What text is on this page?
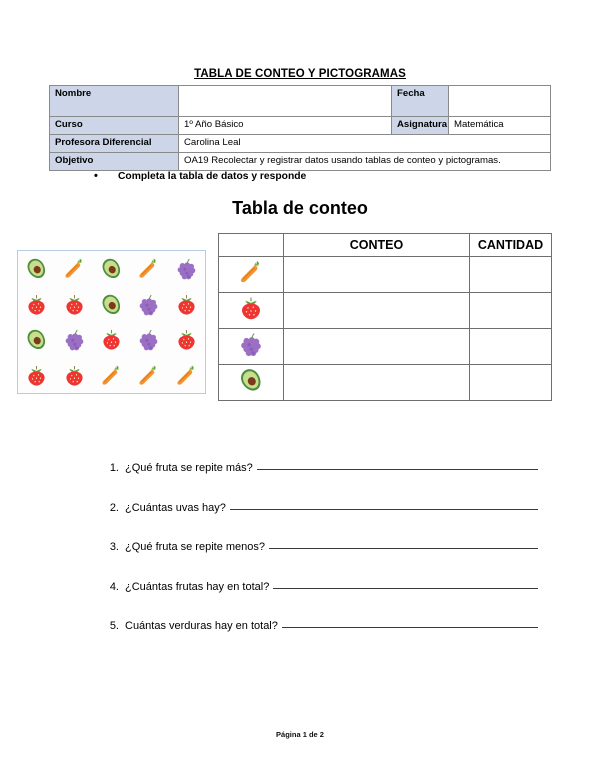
TABLA DE CONTEO Y PICTOGRAMAS
Nombre		Fecha	
Curso	1º Año Básico	Asignatura	Matemática
Profesora Diferencial	Carolina Leal		
Objetivo	OA19 Recolectar y registrar datos usando tablas de conteo y pictogramas.		
• Completa la tabla de datos y responde
Tabla de conteo
	CONTEO	CANTIDAD

1. ¿Qué fruta se repite más?
2. ¿Cuántas uvas hay?
3. ¿Qué fruta se repite menos?
4. ¿Cuántas frutas hay en total?
5. Cuántas verduras hay en total?
Página 1 de 2
